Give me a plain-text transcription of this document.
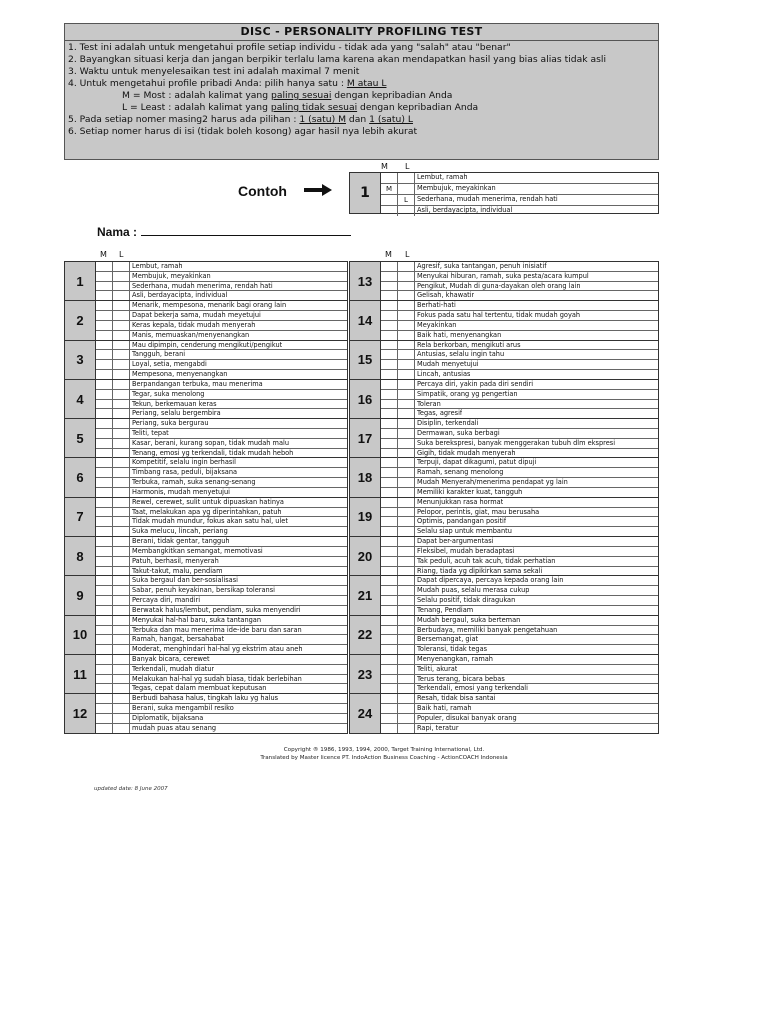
DISC - PERSONALITY PROFILING TEST
1. Test ini adalah untuk mengetahui profile setiap individu - tidak ada yang "salah" atau "benar"
2. Bayangkan situasi kerja dan jangan berpikir terlalu lama karena akan mendapatkan hasil yang bias alias tidak asli
3. Waktu untuk menyelesaikan test ini adalah maximal 7 menit
4. Untuk mengetahui profile pribadi Anda: pilih hanya satu : M atau L
M = Most : adalah kalimat yang paling sesuai dengan kepribadian Anda
L = Least : adalah kalimat yang paling tidak sesuai dengan kepribadian Anda
5. Pada setiap nomer masing2 harus ada pilihan : 1 (satu) M dan 1 (satu) L
6. Setiap nomer harus di isi (tidak boleh kosong) agar hasil nya lebih akurat
Contoh
M L
1
Lembut, ramah
M	Membujuk, meyakinkan
L	Sederhana, mudah menerima, rendah hati
Asli, berdayacipta, individual
Nama :
M L	M L
1
Lembut, ramah
Membujuk, meyakinkan
Sederhana, mudah menerima, rendah hati
Asli, berdayacipta, individual
2
Menarik, mempesona, menarik bagi orang lain
Dapat bekerja sama, mudah meyetujui
Keras kepala, tidak mudah menyerah
Manis, memuaskan/menyenangkan
3
Mau dipimpin, cenderung mengikuti/pengikut
Tangguh, berani
Loyal, setia, mengabdi
Mempesona, menyenangkan
4
Berpandangan terbuka, mau menerima
Tegar, suka menolong
Tekun, berkemauan keras
Periang, selalu bergembira
5
Periang, suka bergurau
Teliti, tepat
Kasar, berani, kurang sopan, tidak mudah malu
Tenang, emosi yg terkendali, tidak mudah heboh
6
Kompetitif, selalu ingin berhasil
Timbang rasa, peduli, bijaksana
Terbuka, ramah, suka senang-senang
Harmonis, mudah menyetujui
7
Rewel, cerewet, sulit untuk dipuaskan hatinya
Taat, melakukan apa yg diperintahkan, patuh
Tidak mudah mundur, fokus akan satu hal, ulet
Suka melucu, lincah, periang
8
Berani, tidak gentar, tangguh
Membangkitkan semangat, memotivasi
Patuh, berhasil, menyerah
Takut-takut, malu, pendiam
9
Suka bergaul dan ber-sosialisasi
Sabar, penuh keyakinan, bersikap toleransi
Percaya diri, mandiri
Berwatak halus/lembut, pendiam, suka menyendiri
10
Menyukai hal-hal baru, suka tantangan
Terbuka dan mau menerima ide-ide baru dan saran
Ramah, hangat, bersahabat
Moderat, menghindari hal-hal yg ekstrim atau aneh
11
Banyak bicara, cerewet
Terkendali, mudah diatur
Melakukan hal-hal yg sudah biasa, tidak berlebihan
Tegas, cepat dalam membuat keputusan
12
Berbudi bahasa halus, tingkah laku yg halus
Berani, suka mengambil resiko
Diplomatik, bijaksana
mudah puas atau senang
13
Agresif, suka tantangan, penuh inisiatif
Menyukai hiburan, ramah, suka pesta/acara kumpul
Pengikut, Mudah di guna-dayakan oleh orang lain
Gelisah, khawatir
14
Berhati-hati
Fokus pada satu hal tertentu, tidak mudah goyah
Meyakinkan
Baik hati, menyenangkan
15
Rela berkorban, mengikuti arus
Antusias, selalu ingin tahu
Mudah menyetujui
Lincah, antusias
16
Percaya diri, yakin pada diri sendiri
Simpatik, orang yg pengertian
Toleran
Tegas, agresif
17
Disiplin, terkendali
Dermawan, suka berbagi
Suka berekspresi, banyak menggerakan tubuh dlm ekspresi
Gigih, tidak mudah menyerah
18
Terpuji, dapat dikagumi, patut dipuji
Ramah, senang menolong
Mudah Menyerah/menerima pendapat yg lain
Memiliki karakter kuat, tangguh
19
Menunjukkan rasa hormat
Pelopor, perintis, giat, mau berusaha
Optimis, pandangan positif
Selalu siap untuk membantu
20
Dapat ber-argumentasi
Fleksibel, mudah beradaptasi
Tak peduli, acuh tak acuh, tidak perhatian
Riang, tiada yg dipikirkan sama sekali
21
Dapat dipercaya, percaya kepada orang lain
Mudah puas, selalu merasa cukup
Selalu positif, tidak diragukan
Tenang, Pendiam
22
Mudah bergaul, suka berteman
Berbudaya, memiliki banyak pengetahuan
Bersemangat, giat
Toleransi, tidak tegas
23
Menyenangkan, ramah
Teliti, akurat
Terus terang, bicara bebas
Terkendali, emosi yang terkendali
24
Resah, tidak bisa santai
Baik hati, ramah
Populer, disukai banyak orang
Rapi, teratur
Copyright ® 1986, 1993, 1994, 2000, Target Training International, Ltd.
Translated by Master licence PT. IndoAction Business Coaching - ActionCOACH Indonesia
updated date: 8 June 2007
